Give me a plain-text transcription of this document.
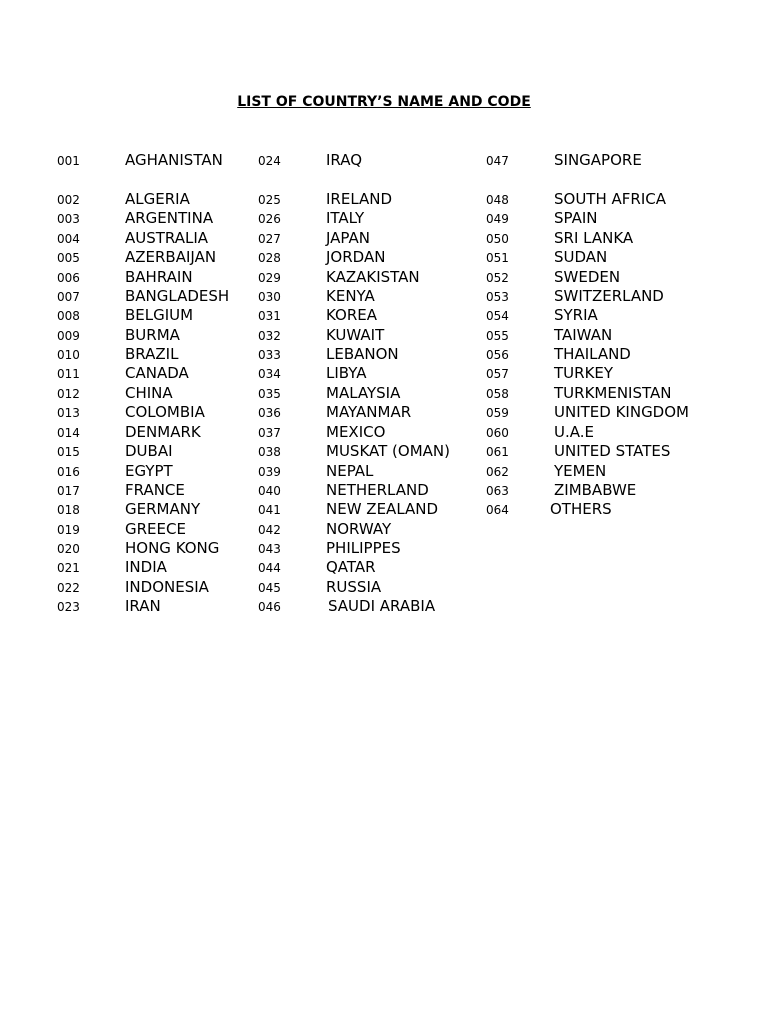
LIST OF COUNTRY’S NAME AND CODE
001	AGHANISTAN
002	ALGERIA
003	ARGENTINA
004	AUSTRALIA
005	AZERBAIJAN
006	BAHRAIN
007	BANGLADESH
008	BELGIUM
009	BURMA
010	BRAZIL
011	CANADA
012	CHINA
013	COLOMBIA
014	DENMARK
015	DUBAI
016	EGYPT
017	FRANCE
018	GERMANY
019	GREECE
020	HONG KONG
021	INDIA
022	INDONESIA
023	IRAN
024	IRAQ
025	IRELAND
026	ITALY
027	JAPAN
028	JORDAN
029	KAZAKISTAN
030	KENYA
031	KOREA
032	KUWAIT
033	LEBANON
034	LIBYA
035	MALAYSIA
036	MAYANMAR
037	MEXICO
038	MUSKAT (OMAN)
039	NEPAL
040	NETHERLAND
041	NEW ZEALAND
042	NORWAY
043	PHILIPPES
044	QATAR
045	RUSSIA
046	SAUDI ARABIA
047	SINGAPORE
048	SOUTH AFRICA
049	SPAIN
050	SRI LANKA
051	SUDAN
052	SWEDEN
053	SWITZERLAND
054	SYRIA
055	TAIWAN
056	THAILAND
057	TURKEY
058	TURKMENISTAN
059	UNITED KINGDOM
060	U.A.E
061	UNITED STATES
062	YEMEN
063	ZIMBABWE
064	OTHERS
